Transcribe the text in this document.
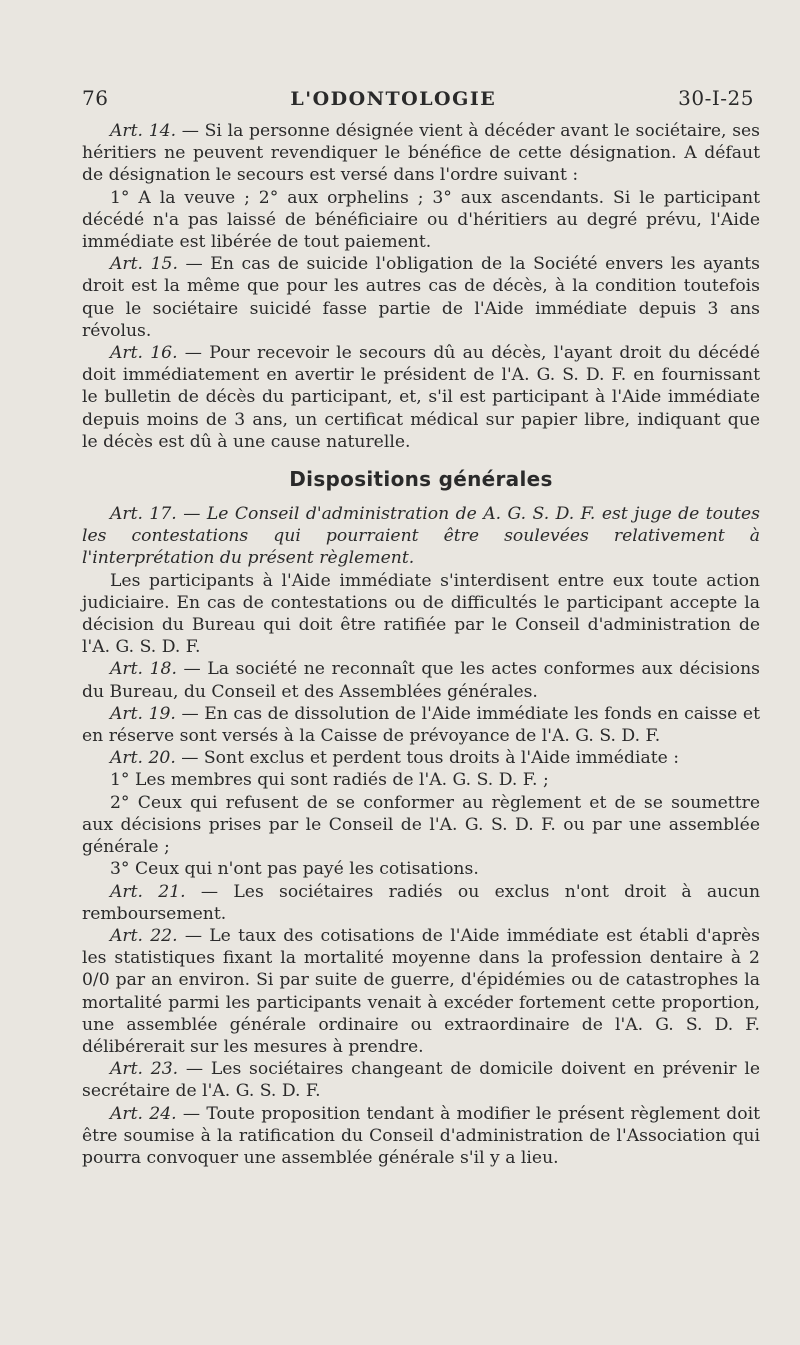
76	L'ODONTOLOGIE	30-I-25

Art. 14. — Si la personne désignée vient à décéder avant le sociétaire, ses héritiers ne peuvent revendiquer le bénéfice de cette désignation. A défaut de désignation le secours est versé dans l'ordre suivant :

1° A la veuve ; 2° aux orphelins ; 3° aux ascendants. Si le participant décédé n'a pas laissé de bénéficiaire ou d'héritiers au degré prévu, l'Aide immédiate est libérée de tout paiement.

Art. 15. — En cas de suicide l'obligation de la Société envers les ayants droit est la même que pour les autres cas de décès, à la condition toutefois que le sociétaire suicidé fasse partie de l'Aide immédiate depuis 3 ans révolus.

Art. 16. — Pour recevoir le secours dû au décès, l'ayant droit du décédé doit immédiatement en avertir le président de l'A. G. S. D. F. en fournissant le bulletin de décès du participant, et, s'il est participant à l'Aide immédiate depuis moins de 3 ans, un certificat médical sur papier libre, indiquant que le décès est dû à une cause naturelle.

Dispositions générales

Art. 17. — Le Conseil d'administration de A. G. S. D. F. est juge de toutes les contestations qui pourraient être soulevées relativement à l'interprétation du présent règlement.

Les participants à l'Aide immédiate s'interdisent entre eux toute action judiciaire. En cas de contestations ou de difficultés le participant accepte la décision du Bureau qui doit être ratifiée par le Conseil d'administration de l'A. G. S. D. F.

Art. 18. — La société ne reconnaît que les actes conformes aux décisions du Bureau, du Conseil et des Assemblées générales.

Art. 19. — En cas de dissolution de l'Aide immédiate les fonds en caisse et en réserve sont versés à la Caisse de prévoyance de l'A. G. S. D. F.

Art. 20. — Sont exclus et perdent tous droits à l'Aide immédiate :

1° Les membres qui sont radiés de l'A. G. S. D. F. ;

2° Ceux qui refusent de se conformer au règlement et de se soumettre aux décisions prises par le Conseil de l'A. G. S. D. F. ou par une assemblée générale ;

3° Ceux qui n'ont pas payé les cotisations.

Art. 21. — Les sociétaires radiés ou exclus n'ont droit à aucun remboursement.

Art. 22. — Le taux des cotisations de l'Aide immédiate est établi d'après les statistiques fixant la mortalité moyenne dans la profession dentaire à 2 0/0 par an environ. Si par suite de guerre, d'épidémies ou de catastrophes la mortalité parmi les participants venait à excéder fortement cette proportion, une assemblée générale ordinaire ou extraordinaire de l'A. G. S. D. F. délibérerait sur les mesures à prendre.

Art. 23. — Les sociétaires changeant de domicile doivent en prévenir le secrétaire de l'A. G. S. D. F.

Art. 24. — Toute proposition tendant à modifier le présent règlement doit être soumise à la ratification du Conseil d'administration de l'Association qui pourra convoquer une assemblée générale s'il y a lieu.
